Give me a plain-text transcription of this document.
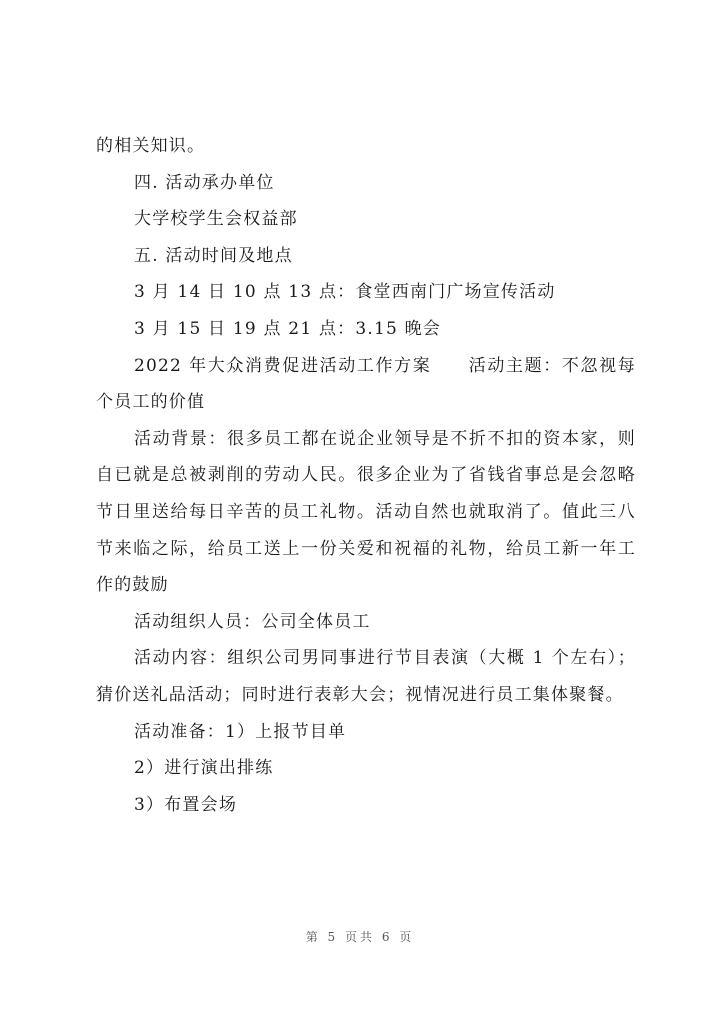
的相关知识。

四. 活动承办单位

大学校学生会权益部

五. 活动时间及地点

3 月 14 日 10 点 13 点：食堂西南门广场宣传活动

3 月 15 日 19 点 21 点：3.15 晚会

2022 年大众消费促进活动工作方案　　活动主题：不忽视每个员工的价值

活动背景：很多员工都在说企业领导是不折不扣的资本家，则自已就是总被剥削的劳动人民。很多企业为了省钱省事总是会忽略节日里送给每日辛苦的员工礼物。活动自然也就取消了。值此三八节来临之际，给员工送上一份关爱和祝福的礼物，给员工新一年工作的鼓励

活动组织人员：公司全体员工

活动内容：组织公司男同事进行节目表演（大概 1 个左右）；猜价送礼品活动；同时进行表彰大会；视情况进行员工集体聚餐。

活动准备：1）上报节目单

2）进行演出排练

3）布置会场

第 5 页共 6 页
